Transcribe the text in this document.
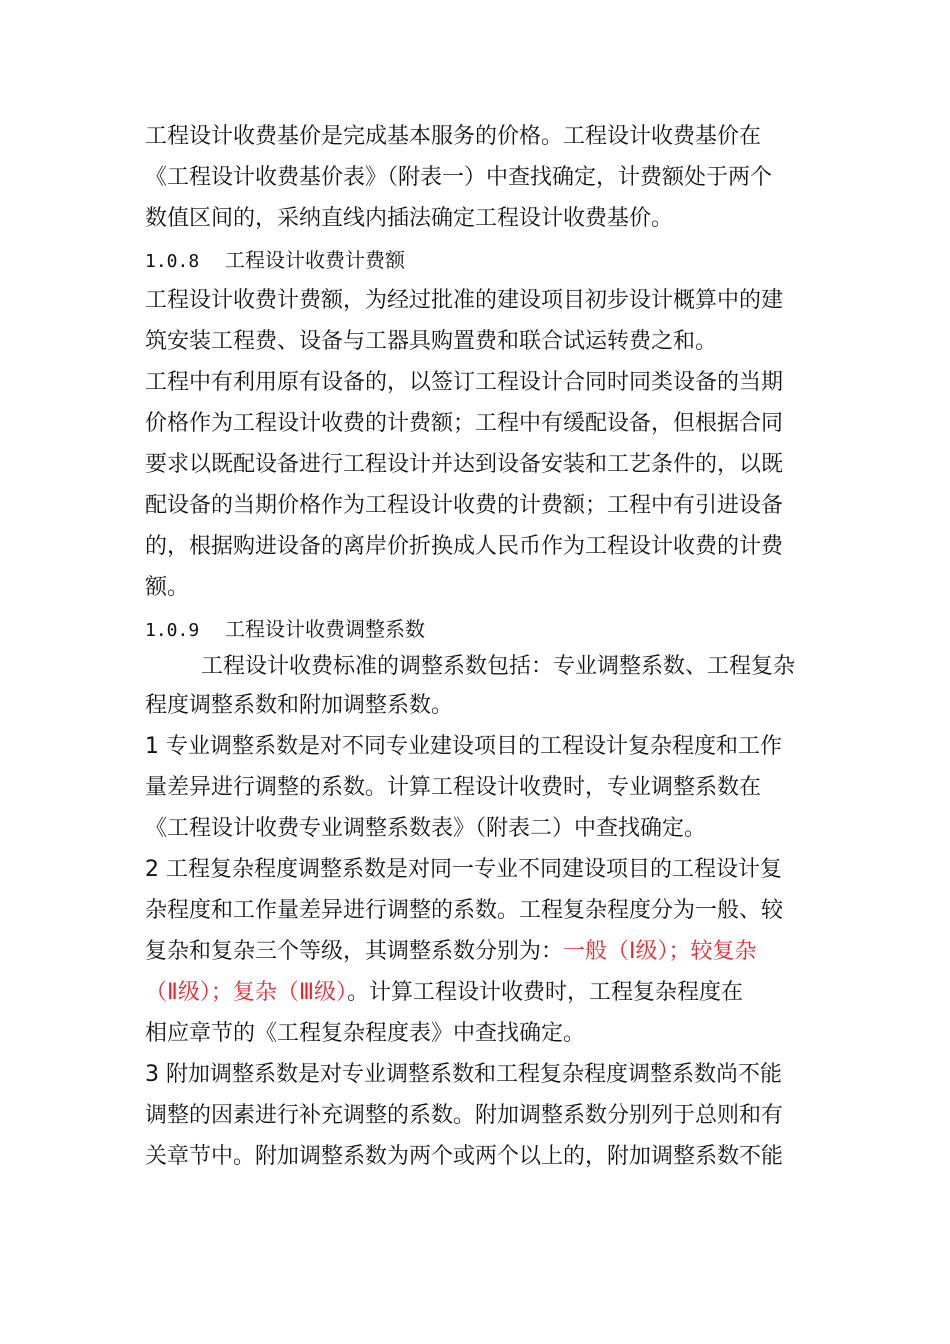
工程设计收费基价是完成基本服务的价格。工程设计收费基价在
《工程设计收费基价表》（附表一）中查找确定，计费额处于两个
数值区间的，采纳直线内插法确定工程设计收费基价。
1.0.8 工程设计收费计费额
工程设计收费计费额，为经过批准的建设项目初步设计概算中的建
筑安装工程费、设备与工器具购置费和联合试运转费之和。
工程中有利用原有设备的，以签订工程设计合同时同类设备的当期
价格作为工程设计收费的计费额；工程中有缓配设备，但根据合同
要求以既配设备进行工程设计并达到设备安装和工艺条件的，以既
配设备的当期价格作为工程设计收费的计费额；工程中有引进设备
的，根据购进设备的离岸价折换成人民币作为工程设计收费的计费
额。
1.0.9 工程设计收费调整系数
工程设计收费标准的调整系数包括：专业调整系数、工程复杂
程度调整系数和附加调整系数。
1 专业调整系数是对不同专业建设项目的工程设计复杂程度和工作
量差异进行调整的系数。计算工程设计收费时，专业调整系数在
《工程设计收费专业调整系数表》（附表二）中查找确定。
2 工程复杂程度调整系数是对同一专业不同建设项目的工程设计复
杂程度和工作量差异进行调整的系数。工程复杂程度分为一般、较
复杂和复杂三个等级，其调整系数分别为：一般（Ⅰ级）；较复杂
（Ⅱ级）；复杂（Ⅲ级）。计算工程设计收费时，工程复杂程度在
相应章节的《工程复杂程度表》中查找确定。
3 附加调整系数是对专业调整系数和工程复杂程度调整系数尚不能
调整的因素进行补充调整的系数。附加调整系数分别列于总则和有
关章节中。附加调整系数为两个或两个以上的，附加调整系数不能
